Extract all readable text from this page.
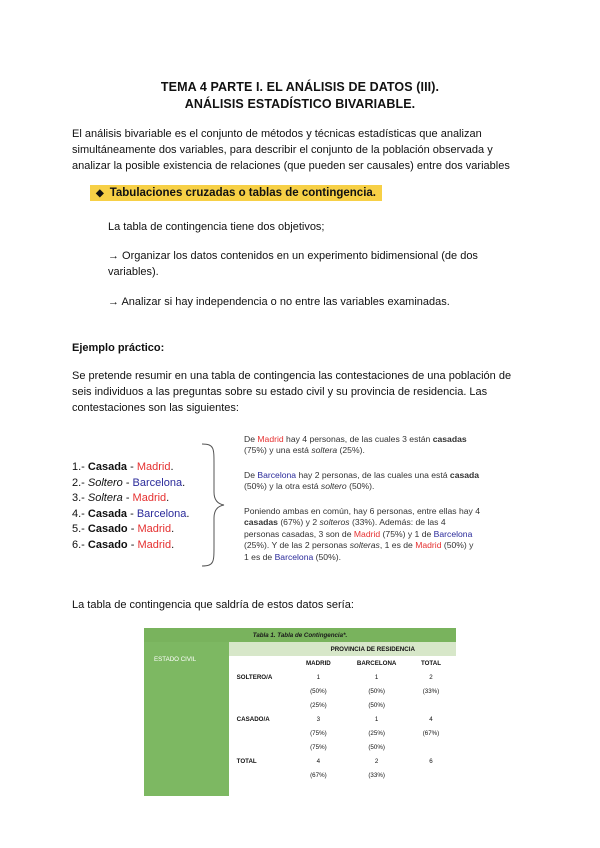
TEMA 4 PARTE I. EL ANÁLISIS DE DATOS (III).
ANÁLISIS ESTADÍSTICO BIVARIABLE.
El análisis bivariable es el conjunto de métodos y técnicas estadísticas que analizan simultáneamente dos variables, para describir el conjunto de la población observada y analizar la posible existencia de relaciones (que pueden ser causales) entre dos variables
◆ Tabulaciones cruzadas o tablas de contingencia.
La tabla de contingencia tiene dos objetivos;
→ Organizar los datos contenidos en un experimento bidimensional (de dos variables).
→ Analizar si hay independencia o no entre las variables examinadas.
Ejemplo práctico:
Se pretende resumir en una tabla de contingencia las contestaciones de una población de seis individuos a las preguntas sobre su estado civil y su provincia de residencia. Las contestaciones son las siguientes:
1.- Casada - Madrid.
2.- Soltero - Barcelona.
3.- Soltera - Madrid.
4.- Casada - Barcelona.
5.- Casado - Madrid.
6.- Casado - Madrid.
De Madrid hay 4 personas, de las cuales 3 están casadas (75%) y una está soltera (25%).
De Barcelona hay 2 personas, de las cuales una está casada (50%) y la otra está soltero (50%).
Poniendo ambas en común, hay 6 personas, entre ellas hay 4 casadas (67%) y 2 solteros (33%). Además: de las 4 personas casadas, 3 son de Madrid (75%) y 1 de Barcelona (25%). Y de las 2 personas solteras, 1 es de Madrid (50%) y 1 es de Barcelona (50%).
La tabla de contingencia que saldría de estos datos sería:
Tabla 1. Tabla de Contingencia*.				
		PROVINCIA DE RESIDENCIA		
ESTADO CIVIL		MADRID	BARCELONA	TOTAL
	SOLTERO/A	1	1	2
		(50%)	(50%)	(33%)
		(25%)	(50%)	
	CASADO/A	3	1	4
		(75%)	(25%)	(67%)
		(75%)	(50%)	
	TOTAL	4	2	6
		(67%)	(33%)	
